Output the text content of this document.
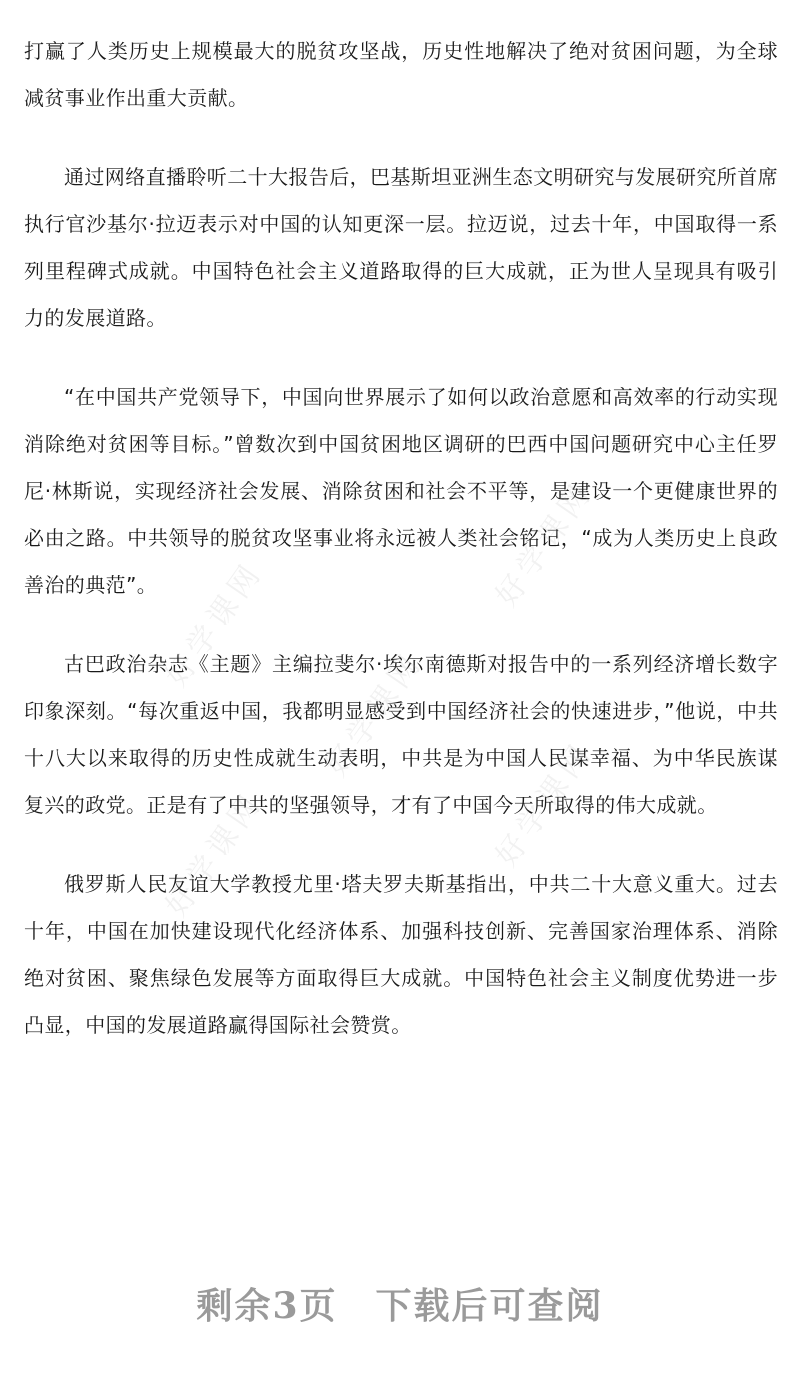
打赢了人类历史上规模最大的脱贫攻坚战，历史性地解决了绝对贫困问题，为全球减贫事业作出重大贡献。

通过网络直播聆听二十大报告后，巴基斯坦亚洲生态文明研究与发展研究所首席执行官沙基尔·拉迈表示对中国的认知更深一层。拉迈说，过去十年，中国取得一系列里程碑式成就。中国特色社会主义道路取得的巨大成就，正为世人呈现具有吸引力的发展道路。

“在中国共产党领导下，中国向世界展示了如何以政治意愿和高效率的行动实现消除绝对贫困等目标。”曾数次到中国贫困地区调研的巴西中国问题研究中心主任罗尼·林斯说，实现经济社会发展、消除贫困和社会不平等，是建设一个更健康世界的必由之路。中共领导的脱贫攻坚事业将永远被人类社会铭记，“成为人类历史上良政善治的典范”。

古巴政治杂志《主题》主编拉斐尔·埃尔南德斯对报告中的一系列经济增长数字印象深刻。“每次重返中国，我都明显感受到中国经济社会的快速进步，”他说，中共十八大以来取得的历史性成就生动表明，中共是为中国人民谋幸福、为中华民族谋复兴的政党。正是有了中共的坚强领导，才有了中国今天所取得的伟大成就。

俄罗斯人民友谊大学教授尤里·塔夫罗夫斯基指出，中共二十大意义重大。过去十年，中国在加快建设现代化经济体系、加强科技创新、完善国家治理体系、消除绝对贫困、聚焦绿色发展等方面取得巨大成就。中国特色社会主义制度优势进一步凸显，中国的发展道路赢得国际社会赞赏。

好学课网
好学课网
好学课网
好学课网	好学课网
剩余3页　下载后可查阅
